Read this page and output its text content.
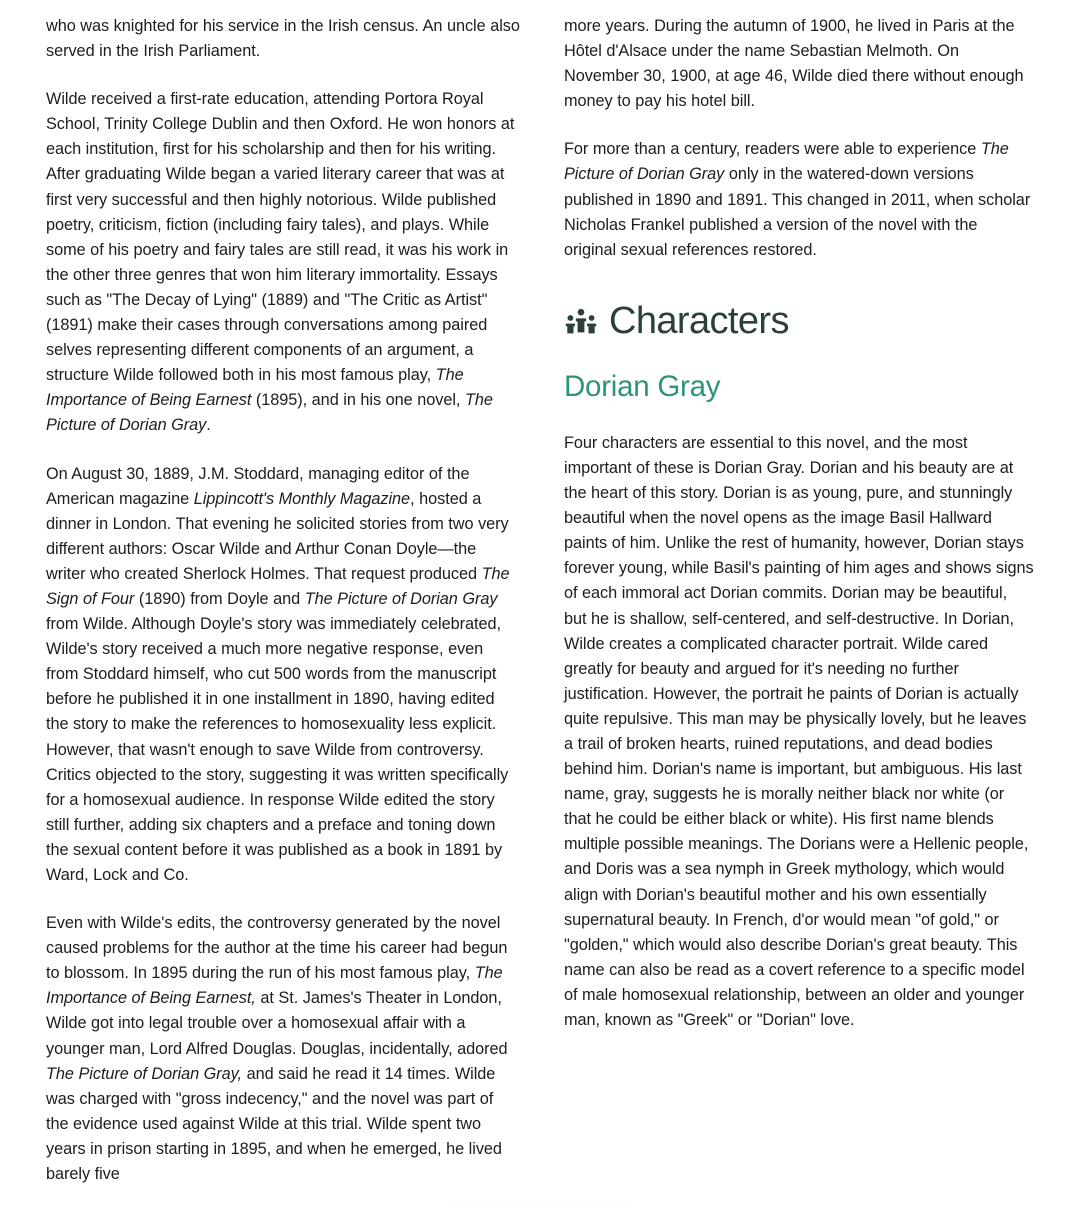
who was knighted for his service in the Irish census. An uncle also served in the Irish Parliament.

Wilde received a first-rate education, attending Portora Royal School, Trinity College Dublin and then Oxford. He won honors at each institution, first for his scholarship and then for his writing. After graduating Wilde began a varied literary career that was at first very successful and then highly notorious. Wilde published poetry, criticism, fiction (including fairy tales), and plays. While some of his poetry and fairy tales are still read, it was his work in the other three genres that won him literary immortality. Essays such as "The Decay of Lying" (1889) and "The Critic as Artist" (1891) make their cases through conversations among paired selves representing different components of an argument, a structure Wilde followed both in his most famous play, The Importance of Being Earnest (1895), and in his one novel, The Picture of Dorian Gray.

On August 30, 1889, J.M. Stoddard, managing editor of the American magazine Lippincott's Monthly Magazine, hosted a dinner in London. That evening he solicited stories from two very different authors: Oscar Wilde and Arthur Conan Doyle—the writer who created Sherlock Holmes. That request produced The Sign of Four (1890) from Doyle and The Picture of Dorian Gray from Wilde. Although Doyle's story was immediately celebrated, Wilde's story received a much more negative response, even from Stoddard himself, who cut 500 words from the manuscript before he published it in one installment in 1890, having edited the story to make the references to homosexuality less explicit. However, that wasn't enough to save Wilde from controversy. Critics objected to the story, suggesting it was written specifically for a homosexual audience. In response Wilde edited the story still further, adding six chapters and a preface and toning down the sexual content before it was published as a book in 1891 by Ward, Lock and Co.

Even with Wilde's edits, the controversy generated by the novel caused problems for the author at the time his career had begun to blossom. In 1895 during the run of his most famous play, The Importance of Being Earnest, at St. James's Theater in London, Wilde got into legal trouble over a homosexual affair with a younger man, Lord Alfred Douglas. Douglas, incidentally, adored The Picture of Dorian Gray, and said he read it 14 times. Wilde was charged with "gross indecency," and the novel was part of the evidence used against Wilde at this trial. Wilde spent two years in prison starting in 1895, and when he emerged, he lived barely five

more years. During the autumn of 1900, he lived in Paris at the Hôtel d'Alsace under the name Sebastian Melmoth. On November 30, 1900, at age 46, Wilde died there without enough money to pay his hotel bill.

For more than a century, readers were able to experience The Picture of Dorian Gray only in the watered-down versions published in 1890 and 1891. This changed in 2011, when scholar Nicholas Frankel published a version of the novel with the original sexual references restored.

Characters
Dorian Gray

Four characters are essential to this novel, and the most important of these is Dorian Gray. Dorian and his beauty are at the heart of this story. Dorian is as young, pure, and stunningly beautiful when the novel opens as the image Basil Hallward paints of him. Unlike the rest of humanity, however, Dorian stays forever young, while Basil's painting of him ages and shows signs of each immoral act Dorian commits. Dorian may be beautiful, but he is shallow, self-centered, and self-destructive. In Dorian, Wilde creates a complicated character portrait. Wilde cared greatly for beauty and argued for it's needing no further justification. However, the portrait he paints of Dorian is actually quite repulsive. This man may be physically lovely, but he leaves a trail of broken hearts, ruined reputations, and dead bodies behind him. Dorian's name is important, but ambiguous. His last name, gray, suggests he is morally neither black nor white (or that he could be either black or white). His first name blends multiple possible meanings. The Dorians were a Hellenic people, and Doris was a sea nymph in Greek mythology, which would align with Dorian's beautiful mother and his own essentially supernatural beauty. In French, d'or would mean "of gold," or "golden," which would also describe Dorian's great beauty. This name can also be read as a covert reference to a specific model of male homosexual relationship, between an older and younger man, known as "Greek" or "Dorian" love.
